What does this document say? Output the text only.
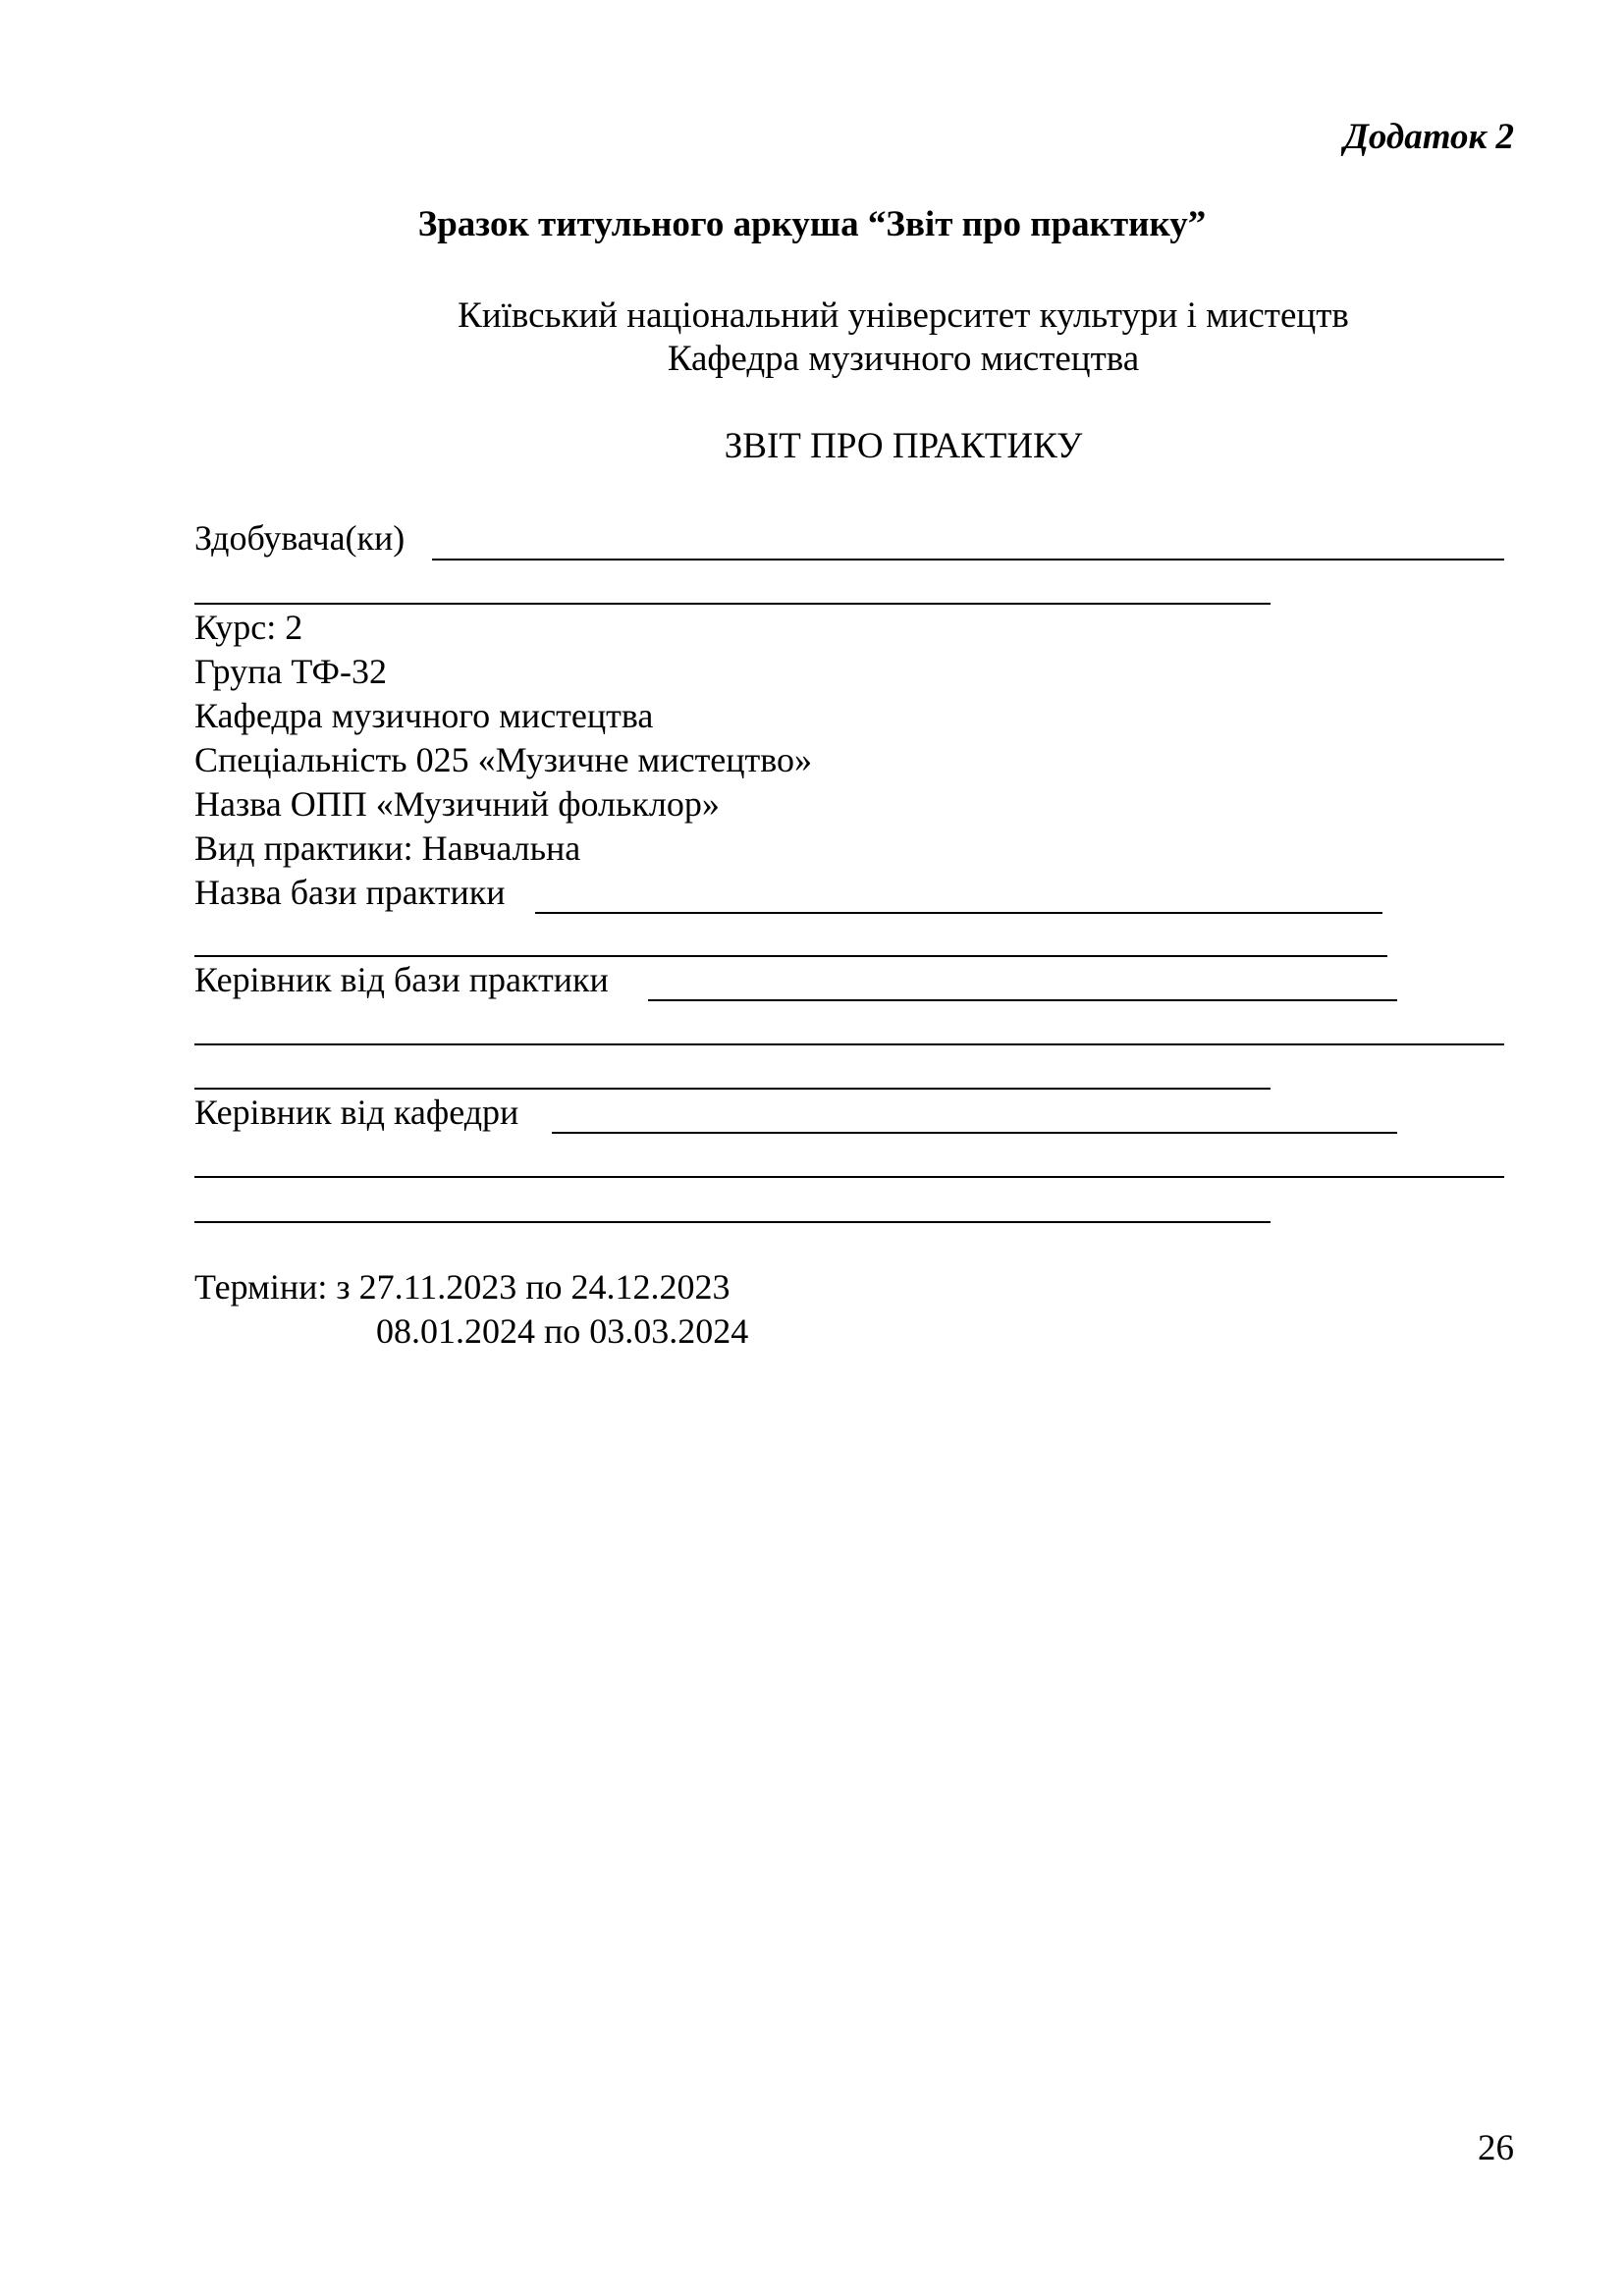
Додаток 2
Зразок титульного аркуша “Звіт про практику”
Київський національний університет культури і мистецтв
Кафедра музичного мистецтва
ЗВІТ ПРО ПРАКТИКУ
Здобувача(ки)
Курс: 2
Група ТФ-32
Кафедра музичного мистецтва
Спеціальність 025 «Музичне мистецтво»
Назва ОПП «Музичний фольклор»
Вид практики: Навчальна
Назва бази практики
Керівник від бази практики
Керівник від кафедри
Терміни: з 27.11.2023 по 24.12.2023
08.01.2024 по 03.03.2024
26
